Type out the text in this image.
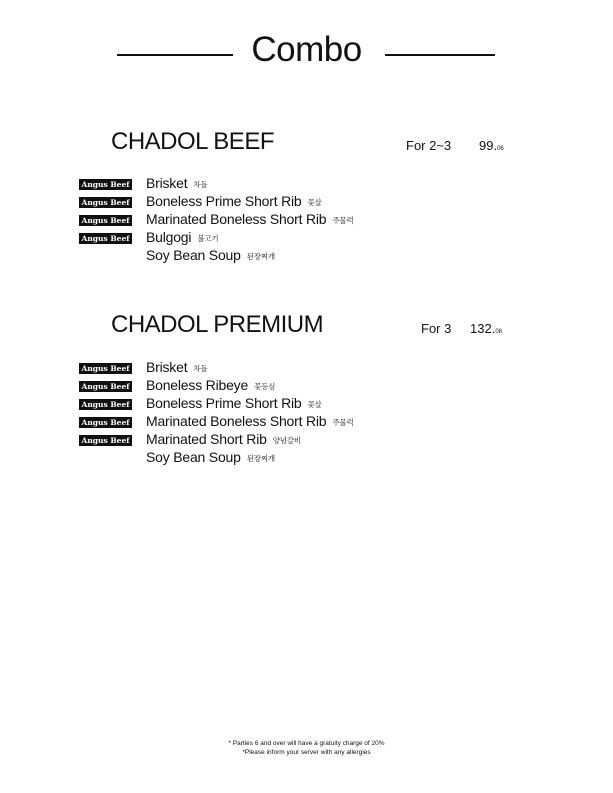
Combo
CHADOL BEEF	For 2~3 99.06
Angus Beef Brisket 차돌
Angus Beef Boneless Prime Short Rib 꽃살
Angus Beef Marinated Boneless Short Rib 주물럭
Angus Beef Bulgogi 불고기
Soy Bean Soup 된장찌개
CHADOL PREMIUM	For 3 132.08
Angus Beef Brisket 차돌
Angus Beef Boneless Ribeye 꽃등심
Angus Beef Boneless Prime Short Rib 꽃살
Angus Beef Marinated Boneless Short Rib 주물럭
Angus Beef Marinated Short Rib 양념갈비
Soy Bean Soup 된장찌개
* Parties 6 and over will have a gratuity charge of 20%
*Please inform your server with any allergies
